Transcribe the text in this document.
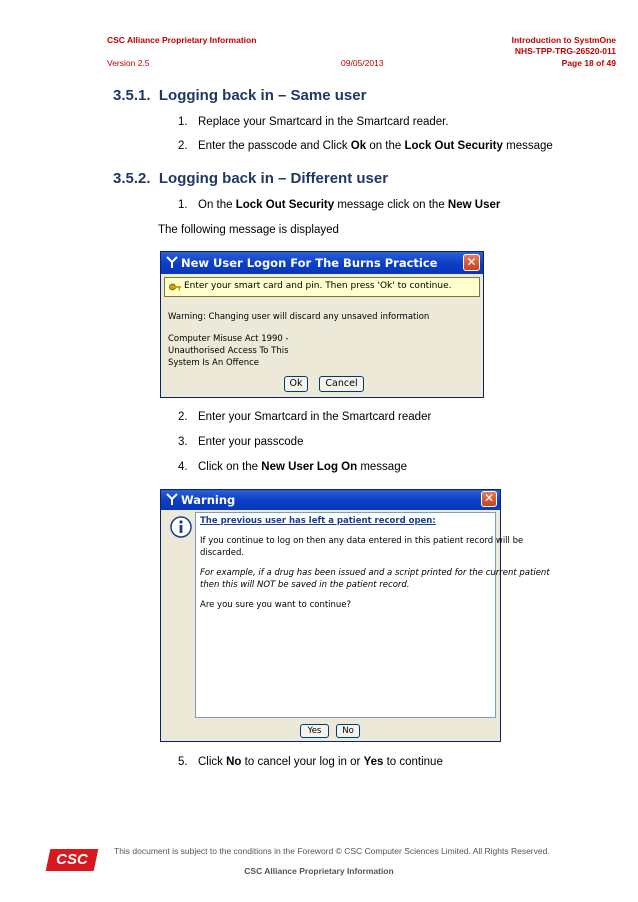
CSC Alliance Proprietary Information
Version 2.5	09/05/2013
Introduction to SystmOne
NHS-TPP-TRG-26520-011
Page 18 of 49
3.5.1.  Logging back in – Same user
1. Replace your Smartcard in the Smartcard reader.
2. Enter the passcode and Click Ok on the Lock Out Security message
3.5.2.  Logging back in – Different user
1. On the Lock Out Security message click on the New User
The following message is displayed
New User Logon For The Burns Practice ✕
Enter your smart card and pin. Then press 'Ok' to continue.
Warning: Changing user will discard any unsaved information
Computer Misuse Act 1990 -
Unauthorised Access To This
System Is An Offence
Ok	Cancel
2. Enter your Smartcard in the Smartcard reader
3. Enter your passcode
4. Click on the New User Log On message
Warning	✕
The previous user has left a patient record open:
If you continue to log on then any data entered in this patient record will be
discarded.
For example, if a drug has been issued and a script printed for the current patient
then this will NOT be saved in the patient record.
Are you sure you want to continue?
Yes	No
5. Click No to cancel your log in or Yes to continue
CSC	This document is subject to the conditions in the Foreword © CSC Computer Sciences Limited. All Rights Reserved.
CSC Alliance Proprietary Information
